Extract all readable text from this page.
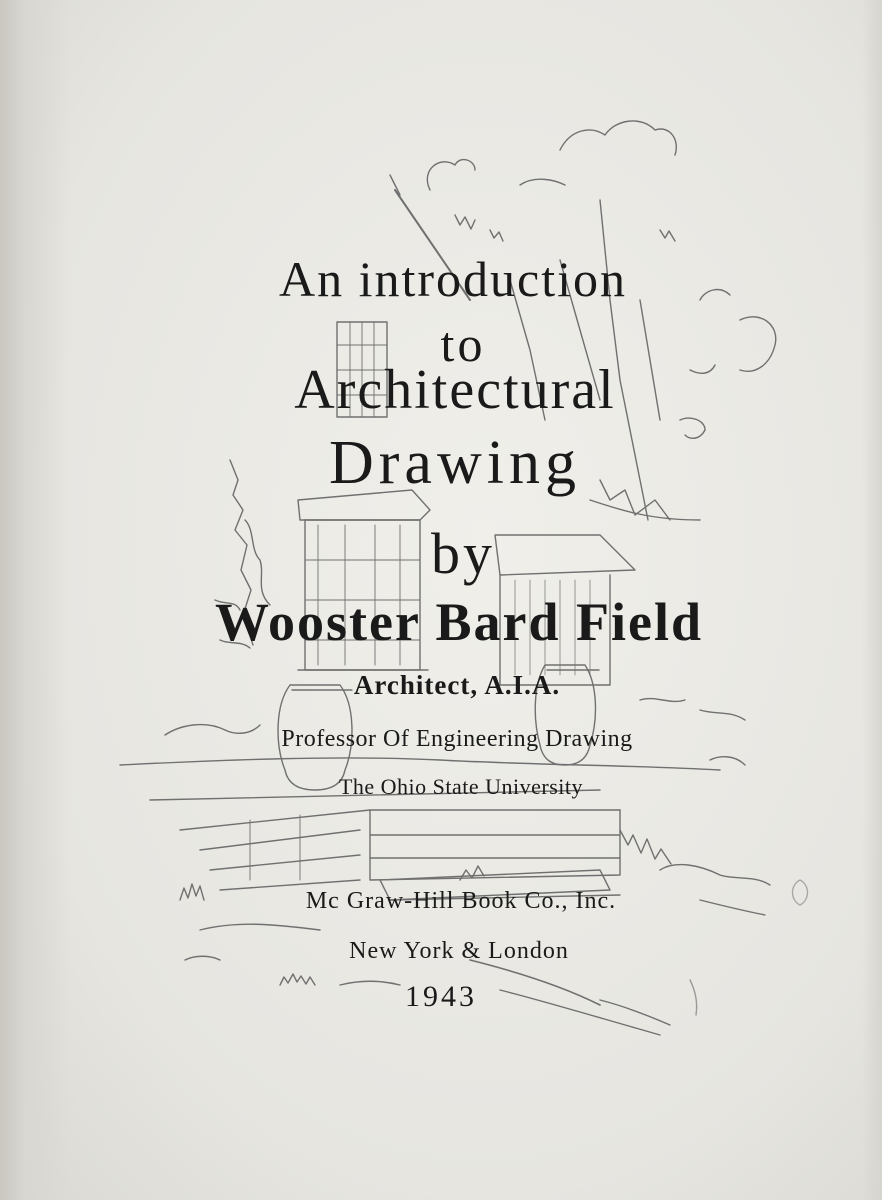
An introduction
to
Architectural
Drawing
by
Wooster Bard Field
Architect, A.I.A.
Professor Of Engineering Drawing
The Ohio State University
Mc Graw-Hill Book Co., Inc.
New York & London
1943
